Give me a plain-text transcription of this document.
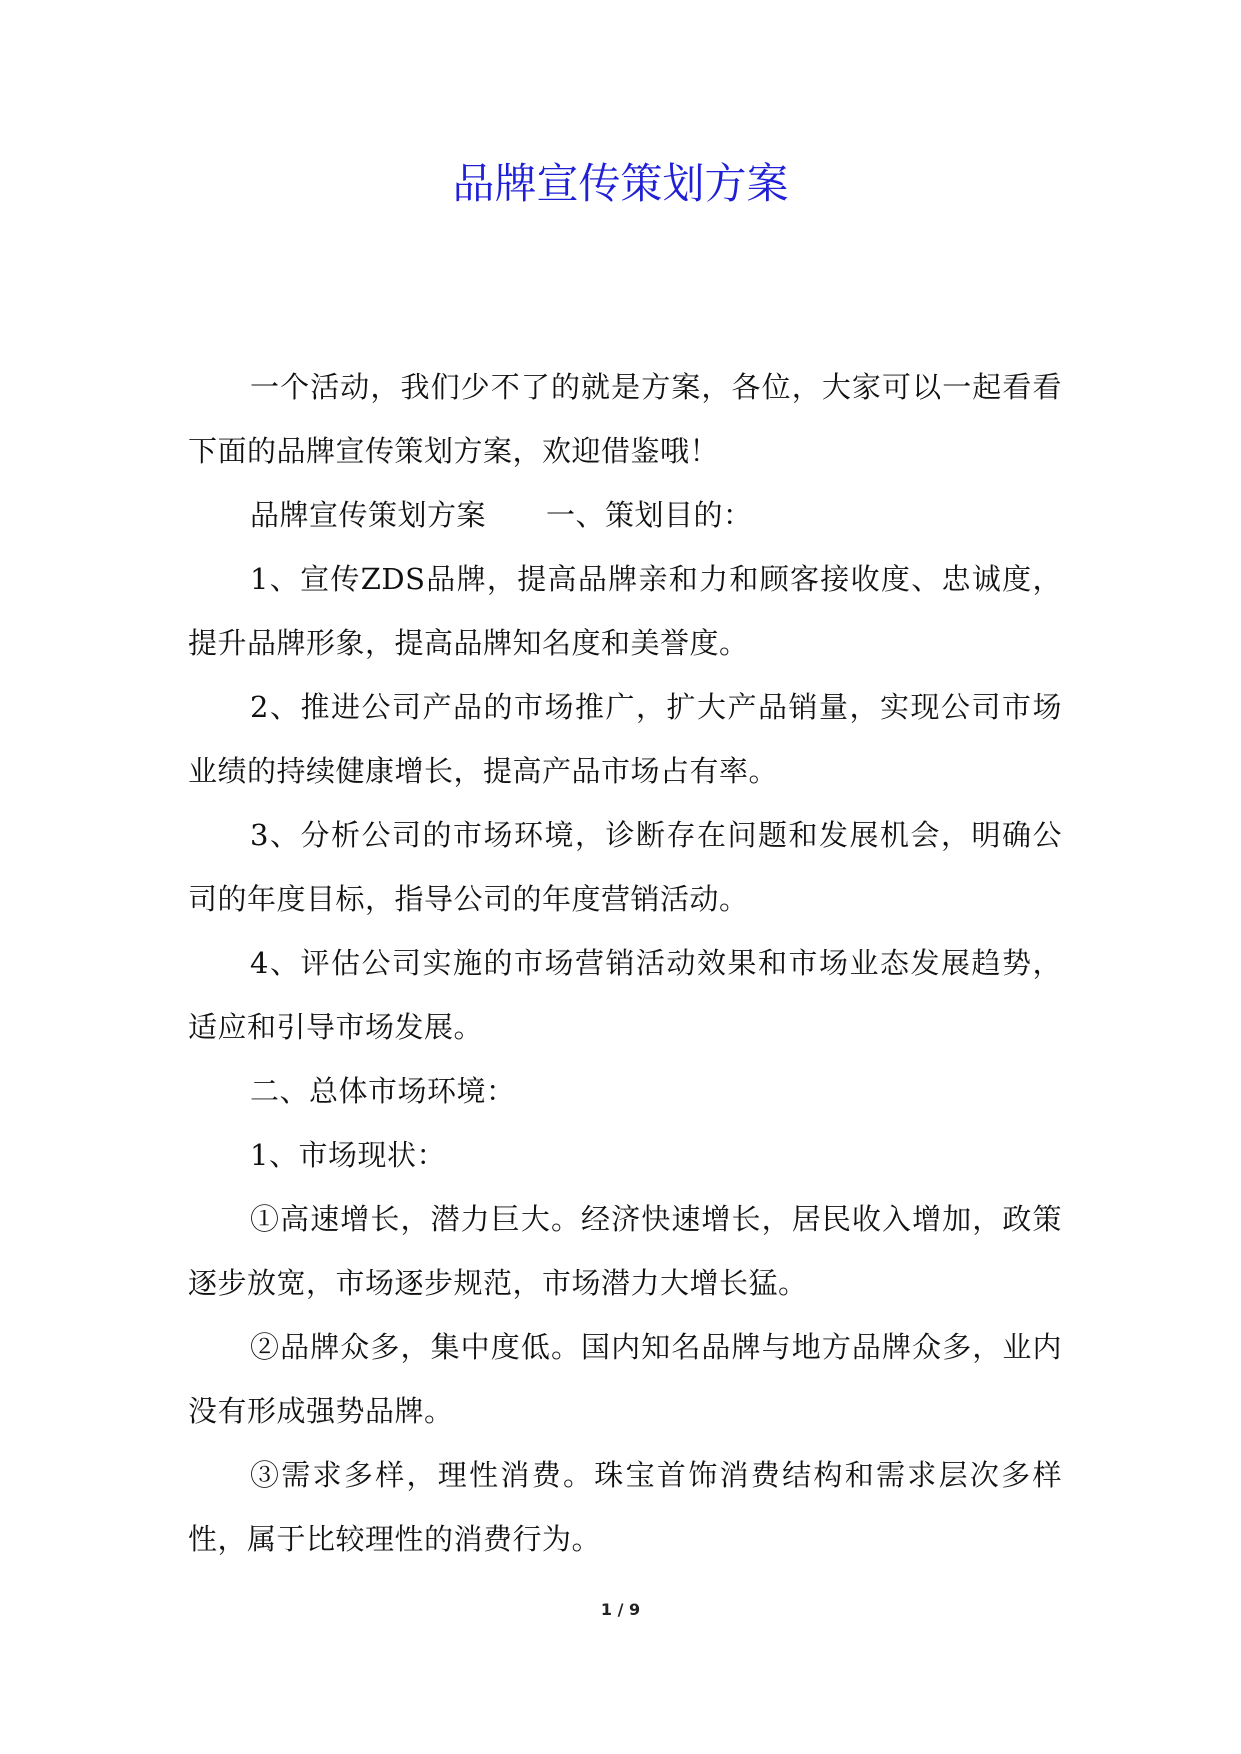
品牌宣传策划方案

一个活动，我们少不了的就是方案，各位，大家可以一起看看下面的品牌宣传策划方案，欢迎借鉴哦！

品牌宣传策划方案 一、策划目的：

1、宣传ZDS品牌，提高品牌亲和力和顾客接收度、忠诚度，提升品牌形象，提高品牌知名度和美誉度。

2、推进公司产品的市场推广，扩大产品销量，实现公司市场业绩的持续健康增长，提高产品市场占有率。

3、分析公司的市场环境，诊断存在问题和发展机会，明确公司的年度目标，指导公司的年度营销活动。

4、评估公司实施的市场营销活动效果和市场业态发展趋势，适应和引导市场发展。

二、总体市场环境：

1、市场现状：

①高速增长，潜力巨大。经济快速增长，居民收入增加，政策逐步放宽，市场逐步规范，市场潜力大增长猛。

②品牌众多，集中度低。国内知名品牌与地方品牌众多，业内没有形成强势品牌。

③需求多样，理性消费。珠宝首饰消费结构和需求层次多样性，属于比较理性的消费行为。

1 / 9
